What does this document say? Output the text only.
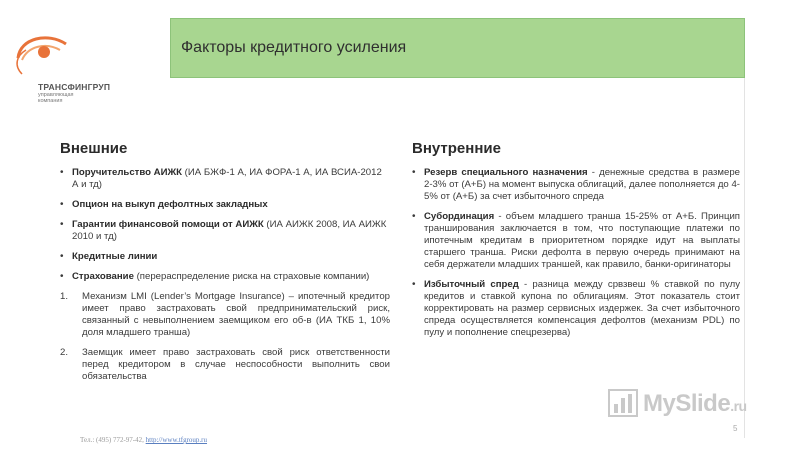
ТРАНСФИНГРУП
управляющая компания
Факторы кредитного усиления
Внешние
• Поручительство АИЖК (ИА БЖФ-1 А, ИА ФОРА-1 А, ИА ВСИА-2012 А и тд)
• Опцион на выкуп дефолтных закладных
• Гарантии финансовой помощи от АИЖК (ИА АИЖК 2008, ИА АИЖК 2010 и тд)
• Кредитные линии
• Страхование (перераспределение риска на страховые компании)
1. Механизм LMI (Lender’s Mortgage Insurance) – ипотечный кредитор имеет право застраховать свой предпринимательский риск, связанный с невыполнением заемщиком его об-в (ИА ТКБ 1, 10% доля младшего транша)
2. Заемщик имеет право застраховать свой риск ответственности перед кредитором в случае неспособности выполнить свои обязательства
Внутренние
• Резерв специального назначения - денежные средства в размере 2-3% от (А+Б) на момент выпуска облигаций, далее пополняется до 4-5% от (А+Б) за счет избыточного спреда
• Субординация - объем младшего транша 15-25% от А+Б. Принцип транширования заключается в том, что поступающие платежи по ипотечным кредитам в приоритетном порядке идут на выплаты старшего транша. Риски дефолта в первую очередь принимают на себя держатели младших траншей, как правило, банки-оригинаторы
• Избыточный спред - разница между срвзвеш % ставкой по пулу кредитов и ставкой купона по облигациям. Этот показатель стоит корректировать на размер сервисных издержек. За счет избыточного спреда осуществляется компенсация дефолтов (механизм PDL) по пулу и пополнение спецрезерва)
MySlide.ru
5
Тел.: (495) 772-97-42, http://www.tfgroup.ru
